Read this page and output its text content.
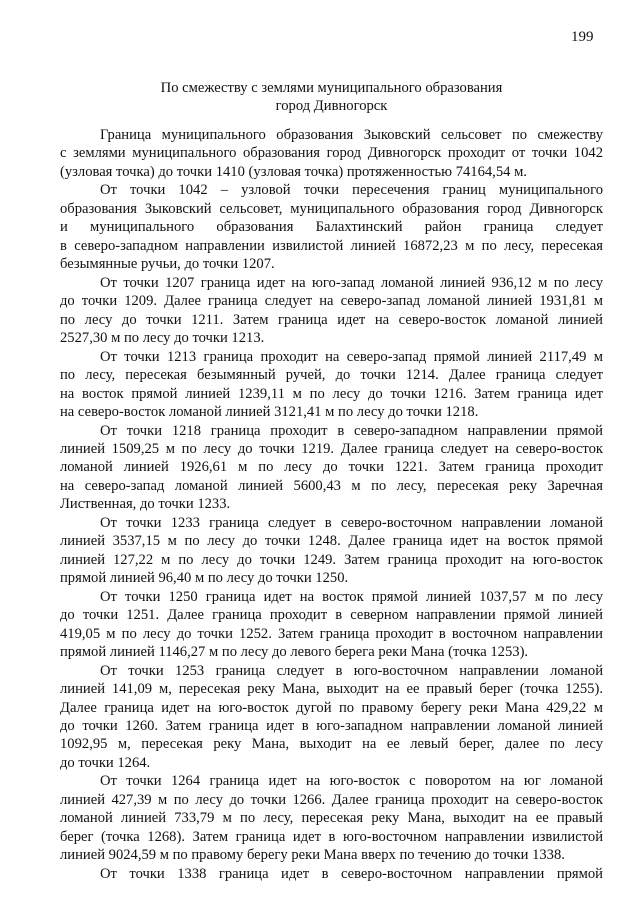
199
По смежеству с землями муниципального образования
город Дивногорск
Граница муниципального образования Зыковский сельсовет по смежеству
с землями муниципального образования город Дивногорск проходит от точки 1042
(узловая точка) до точки 1410 (узловая точка) протяженностью 74164,54 м.
От точки 1042 – узловой точки пересечения границ муниципального
образования Зыковский сельсовет, муниципального образования город Дивногорск
и муниципального образования Балахтинский район граница следует
в северо-западном направлении извилистой линией 16872,23 м по лесу, пересекая
безымянные ручьи, до точки 1207.
От точки 1207 граница идет на юго-запад ломаной линией 936,12 м по лесу
до точки 1209. Далее граница следует на северо-запад ломаной линией 1931,81 м
по лесу до точки 1211. Затем граница идет на северо-восток ломаной линией
2527,30 м по лесу до точки 1213.
От точки 1213 граница проходит на северо-запад прямой линией 2117,49 м
по лесу, пересекая безымянный ручей, до точки 1214. Далее граница следует
на восток прямой линией 1239,11 м по лесу до точки 1216. Затем граница идет
на северо-восток ломаной линией 3121,41 м по лесу до точки 1218.
От точки 1218 граница проходит в северо-западном направлении прямой
линией 1509,25 м по лесу до точки 1219. Далее граница следует на северо-восток
ломаной линией 1926,61 м по лесу до точки 1221. Затем граница проходит
на северо-запад ломаной линией 5600,43 м по лесу, пересекая реку Заречная
Лиственная, до точки 1233.
От точки 1233 граница следует в северо-восточном направлении ломаной
линией 3537,15 м по лесу до точки 1248. Далее граница идет на восток прямой
линией 127,22 м по лесу до точки 1249. Затем граница проходит на юго-восток
прямой линией 96,40 м по лесу до точки 1250.
От точки 1250 граница идет на восток прямой линией 1037,57 м по лесу
до точки 1251. Далее граница проходит в северном направлении прямой линией
419,05 м по лесу до точки 1252. Затем граница проходит в восточном направлении
прямой линией 1146,27 м по лесу до левого берега реки Мана (точка 1253).
От точки 1253 граница следует в юго-восточном направлении ломаной
линией 141,09 м, пересекая реку Мана, выходит на ее правый берег (точка 1255).
Далее граница идет на юго-восток дугой по правому берегу реки Мана 429,22 м
до точки 1260. Затем граница идет в юго-западном направлении ломаной линией
1092,95 м, пересекая реку Мана, выходит на ее левый берег, далее по лесу
до точки 1264.
От точки 1264 граница идет на юго-восток с поворотом на юг ломаной
линией 427,39 м по лесу до точки 1266. Далее граница проходит на северо-восток
ломаной линией 733,79 м по лесу, пересекая реку Мана, выходит на ее правый
берег (точка 1268). Затем граница идет в юго-восточном направлении извилистой
линией 9024,59 м по правому берегу реки Мана вверх по течению до точки 1338.
От точки 1338 граница идет в северо-восточном направлении прямой
